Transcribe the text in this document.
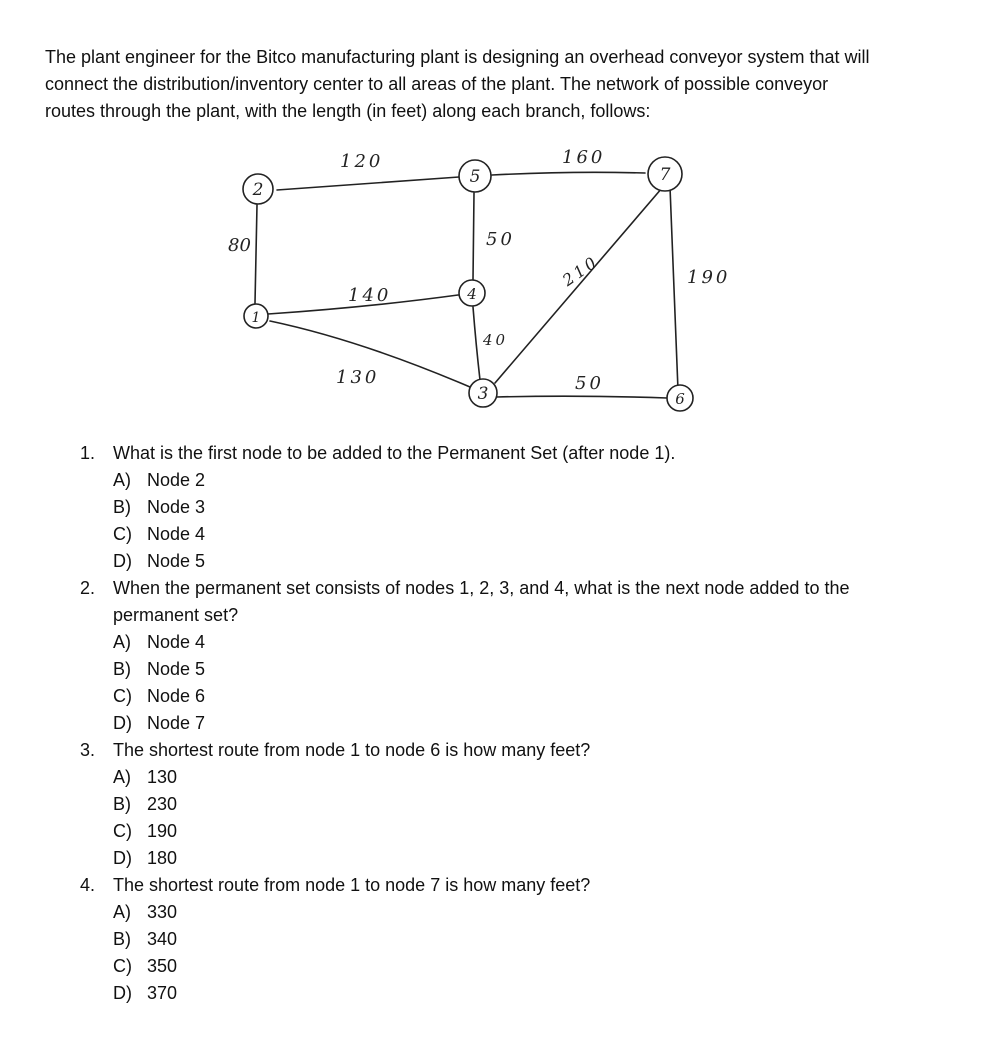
The plant engineer for the Bitco manufacturing plant is designing an overhead conveyor system that will

connect the distribution/inventory center to all areas of the plant. The network of possible conveyor

routes through the plant, with the length (in feet) along each branch, follows:

120	160
80	50
140
40
130
210	190
50
2
5	7
1
4
3	6
1. What is the first node to be added to the Permanent Set (after node 1).
A) Node 2
B) Node 3
C) Node 4
D) Node 5
2. When the permanent set consists of nodes 1, 2, 3, and 4, what is the next node added to the
permanent set?
A) Node 4
B) Node 5
C) Node 6
D) Node 7
3. The shortest route from node 1 to node 6 is how many feet?
A) 130
B) 230
C) 190
D) 180
4. The shortest route from node 1 to node 7 is how many feet?
A) 330
B) 340
C) 350
D) 370
